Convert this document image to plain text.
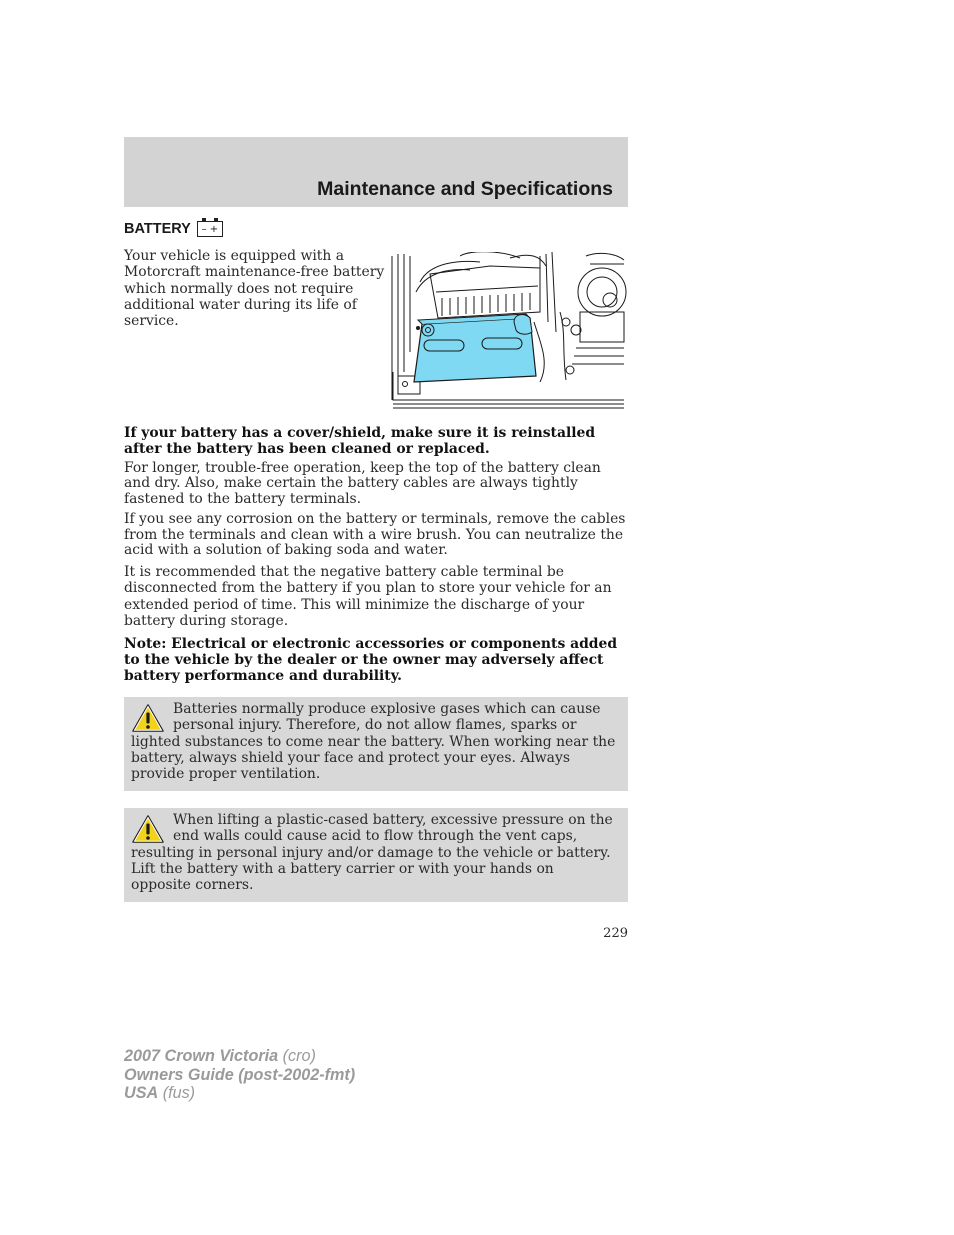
Maintenance and Specifications
BATTERY	– +
Your vehicle is equipped with a Motorcraft maintenance-free battery which normally does not require additional water during its life of service.

If your battery has a cover/shield, make sure it is reinstalled after the battery has been cleaned or replaced.

For longer, trouble-free operation, keep the top of the battery clean and dry. Also, make certain the battery cables are always tightly fastened to the battery terminals.

If you see any corrosion on the battery or terminals, remove the cables from the terminals and clean with a wire brush. You can neutralize the acid with a solution of baking soda and water.

It is recommended that the negative battery cable terminal be disconnected from the battery if you plan to store your vehicle for an extended period of time. This will minimize the discharge of your battery during storage.

Note: Electrical or electronic accessories or components added to the vehicle by the dealer or the owner may adversely affect battery performance and durability.

Batteries normally produce explosive gases which can cause personal injury. Therefore, do not allow flames, sparks or lighted substances to come near the battery. When working near the battery, always shield your face and protect your eyes. Always provide proper ventilation.

When lifting a plastic-cased battery, excessive pressure on the end walls could cause acid to flow through the vent caps, resulting in personal injury and/or damage to the vehicle or battery. Lift the battery with a battery carrier or with your hands on opposite corners.

229
2007 Crown Victoria (cro)
Owners Guide (post-2002-fmt)
USA (fus)
